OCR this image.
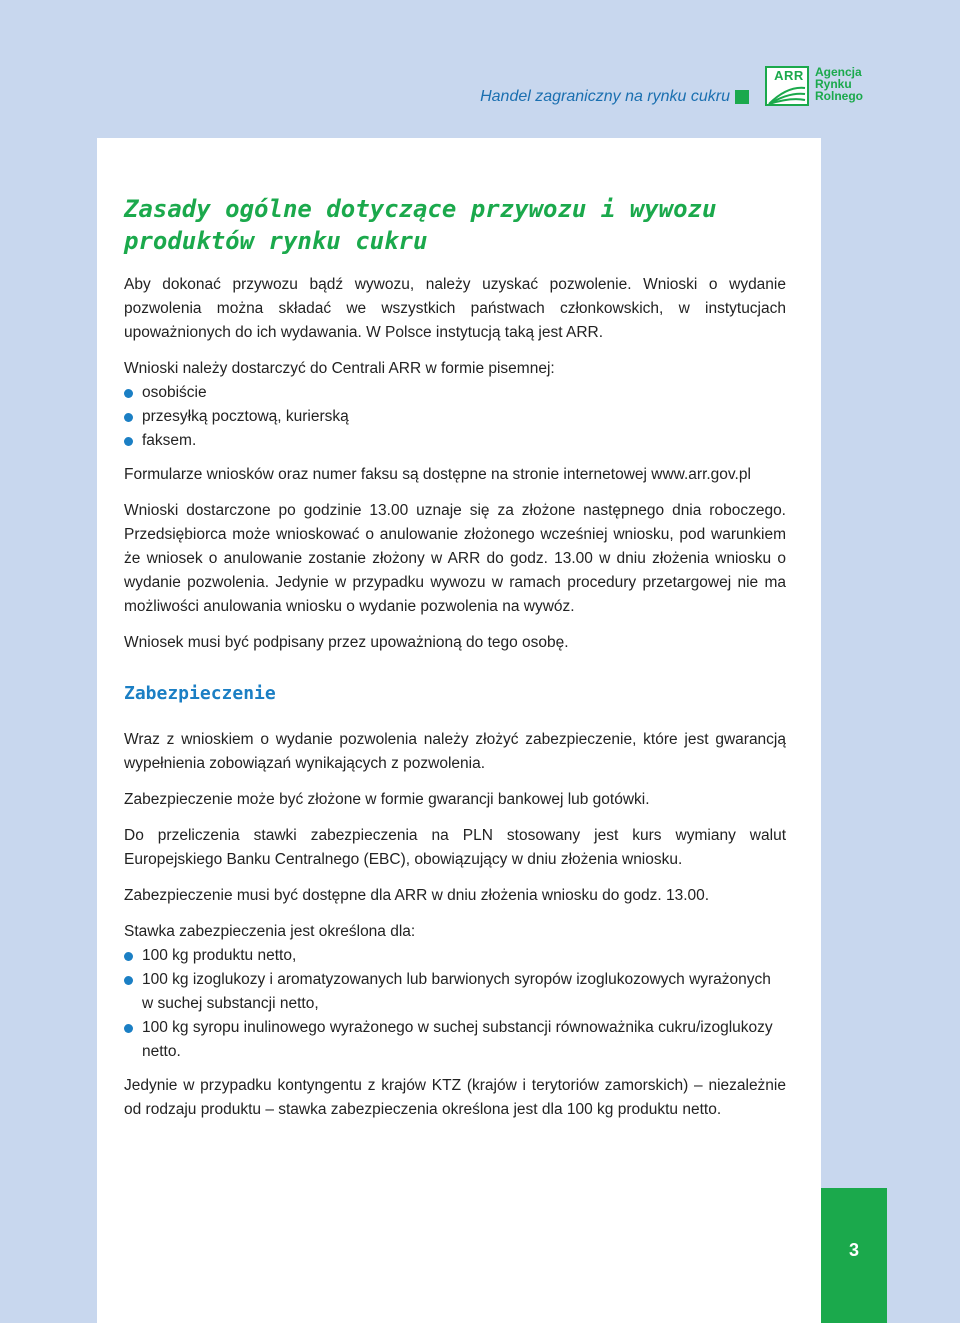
Handel zagraniczny na rynku cukru
ARR Agencja
Rynku
Rolnego
Zasady ogólne dotyczące przywozu i wywozu produktów rynku cukru

Aby dokonać przywozu bądź wywozu, należy uzyskać pozwolenie. Wnioski o wydanie pozwolenia można składać we wszystkich państwach członkowskich, w instytucjach upoważnionych do ich wydawania. W Polsce instytucją taką jest ARR.

Wnioski należy dostarczyć do Centrali ARR w formie pisemnej:

osobiście
przesyłką pocztową, kurierską
faksem.

Formularze wniosków oraz numer faksu są dostępne na stronie internetowej www.arr.gov.pl

Wnioski dostarczone po godzinie 13.00 uznaje się za złożone następnego dnia roboczego. Przedsiębiorca może wnioskować o anulowanie złożonego wcześniej wniosku, pod warunkiem że wniosek o anulowanie zostanie złożony w ARR do godz. 13.00 w dniu złożenia wniosku o wydanie pozwolenia. Jedynie w przypadku wywozu w ramach procedury przetargowej nie ma możliwości anulowania wniosku o wydanie pozwolenia na wywóz.

Wniosek musi być podpisany przez upoważnioną do tego osobę.

Zabezpieczenie

Wraz z wnioskiem o wydanie pozwolenia należy złożyć zabezpieczenie, które jest gwarancją wypełnienia zobowiązań wynikających z pozwolenia.

Zabezpieczenie może być złożone w formie gwarancji bankowej lub gotówki.

Do przeliczenia stawki zabezpieczenia na PLN stosowany jest kurs wymiany walut Europejskiego Banku Centralnego (EBC), obowiązujący w dniu złożenia wniosku.

Zabezpieczenie musi być dostępne dla ARR w dniu złożenia wniosku do godz. 13.00.

Stawka zabezpieczenia jest określona dla:

100 kg produktu netto,
100 kg izoglukozy i aromatyzowanych lub barwionych syropów izoglukozowych wyrażonych w suchej substancji netto,
100 kg syropu inulinowego wyrażonego w suchej substancji równoważnika cukru/izoglukozy netto.

Jedynie w przypadku kontyngentu z krajów KTZ (krajów i terytoriów zamorskich) – niezależnie od rodzaju produktu – stawka zabezpieczenia określona jest dla 100 kg produktu netto.

3
